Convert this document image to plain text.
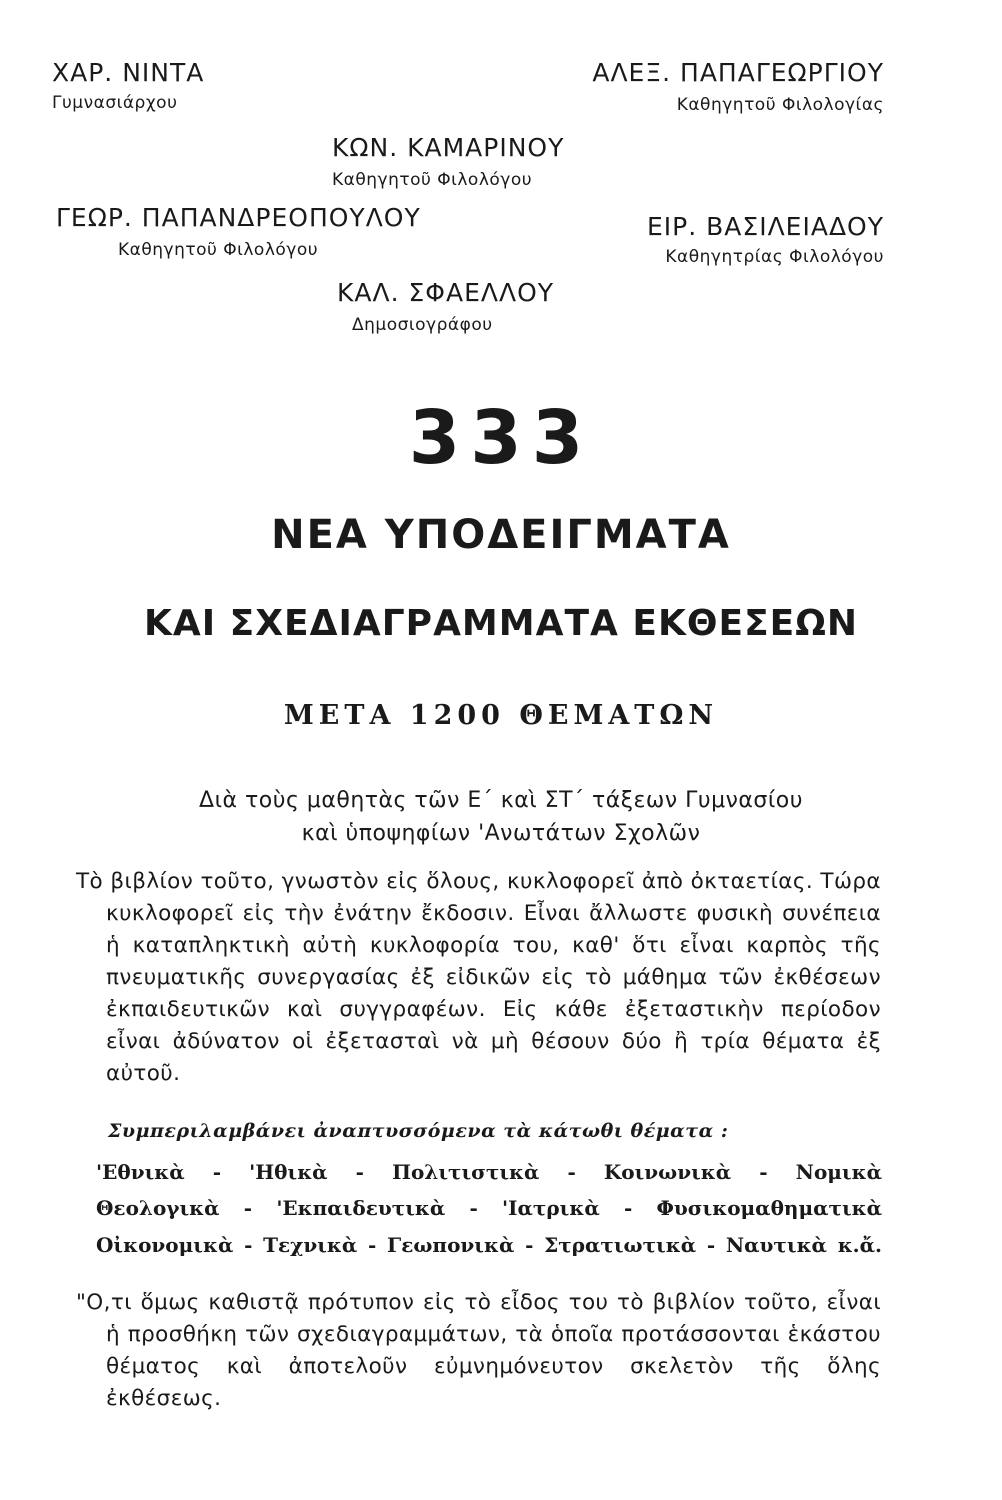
ΧΑΡ. ΝΙΝΤΑ
Γυμνασιάρχου
ΑΛΕΞ. ΠΑΠΑΓΕΩΡΓΙΟΥ
Καθηγητοῦ Φιλολογίας
ΚΩΝ. ΚΑΜΑΡΙΝΟΥ
Καθηγητοῦ Φιλολόγου
ΓΕΩΡ. ΠΑΠΑΝΔΡΕΟΠΟΥΛΟΥ
Καθηγητοῦ Φιλολόγου
ΕΙΡ. ΒΑΣΙΛΕΙΑΔΟΥ
Καθηγητρίας Φιλολόγου
ΚΑΛ. ΣΦΑΕΛΛΟΥ
Δημοσιογράφου
333
ΝΕΑ ΥΠΟΔΕΙΓΜΑΤΑ
ΚΑΙ ΣΧΕΔΙΑΓΡΑΜΜΑΤΑ ΕΚΘΕΣΕΩΝ
ΜΕΤΑ 1200 ΘΕΜΑΤΩΝ
Διὰ τοὺς μαθητὰς τῶν Ε΄ καὶ ΣΤ΄ τάξεων Γυμνασίου
καὶ ὑποψηφίων 'Ανωτάτων Σχολῶν
Τὸ βιβλίον τοῦτο, γνωστὸν εἰς ὅλους, κυκλοφορεῖ ἀπὸ ὀκταετίας. Τώρα κυκλοφορεῖ εἰς τὴν ἐνάτην ἔκδοσιν. Εἶναι ἄλλωστε φυσικὴ συνέπεια ἡ καταπληκτικὴ αὐτὴ κυκλοφορία του, καθ' ὅτι εἶναι καρπὸς τῆς πνευματικῆς συνεργασίας ἐξ εἰδικῶν εἰς τὸ μάθημα τῶν ἐκθέσεων ἐκπαιδευτικῶν καὶ συγγραφέων. Εἰς κάθε ἐξεταστικὴν περίοδον εἶναι ἀδύνατον οἱ ἐξετασταὶ νὰ μὴ θέσουν δύο ἢ τρία θέματα ἐξ αὐτοῦ.
Συμπεριλαμβάνει ἀναπτυσσόμενα τὰ κάτωθι θέματα :
'Εθνικὰ - 'Ηθικὰ - Πολιτιστικὰ - Κοινωνικὰ - Νομικὰ
Θεολογικὰ - 'Εκπαιδευτικὰ - 'Ιατρικὰ - Φυσικομαθηματικὰ
Οἰκονομικὰ - Τεχνικὰ - Γεωπονικὰ - Στρατιωτικὰ - Ναυτικὰ κ.ἄ.
"Ο,τι ὅμως καθιστᾷ πρότυπον εἰς τὸ εἶδος του τὸ βιβλίον τοῦτο, εἶναι ἡ προσθήκη τῶν σχεδιαγραμμάτων, τὰ ὁποῖα προτάσσονται ἑκάστου θέματος καὶ ἀποτελοῦν εὐμνημόνευτον σκελετὸν τῆς ὅλης ἐκθέσεως.
